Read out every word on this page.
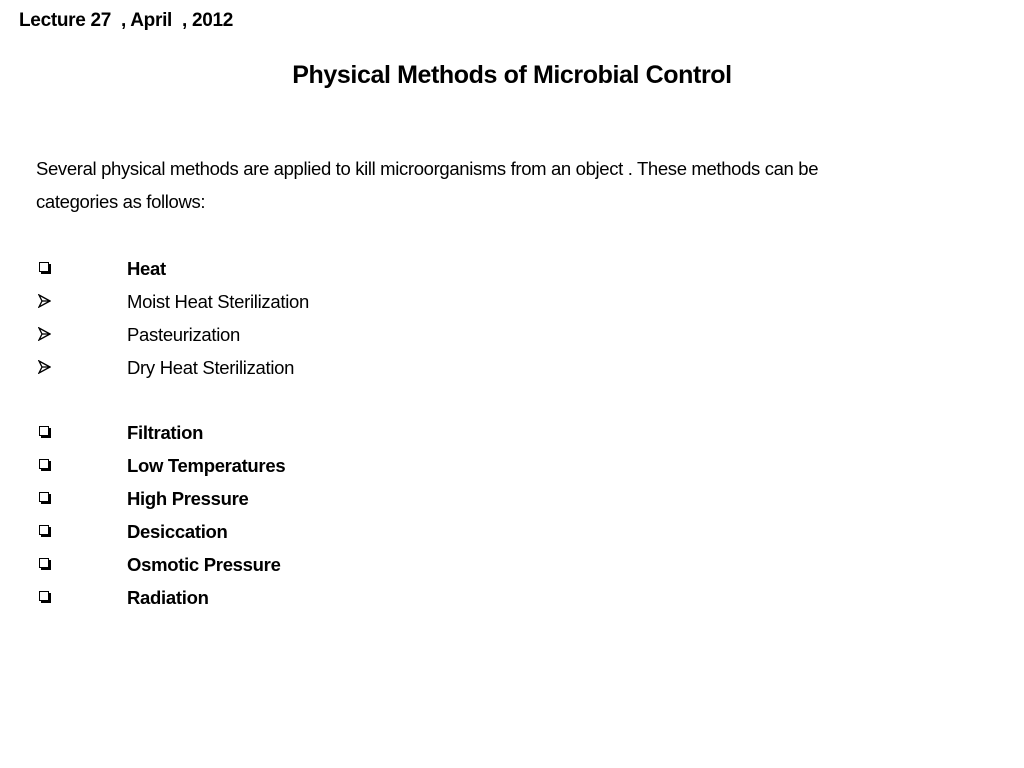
Lecture 27  , April  , 2012
Physical Methods of Microbial Control
Several physical methods are applied to kill microorganisms from an object . These methods can be
categories as follows:
Heat
Moist Heat Sterilization
Pasteurization
Dry Heat Sterilization
Filtration
Low Temperatures
High Pressure
Desiccation
Osmotic Pressure
Radiation
